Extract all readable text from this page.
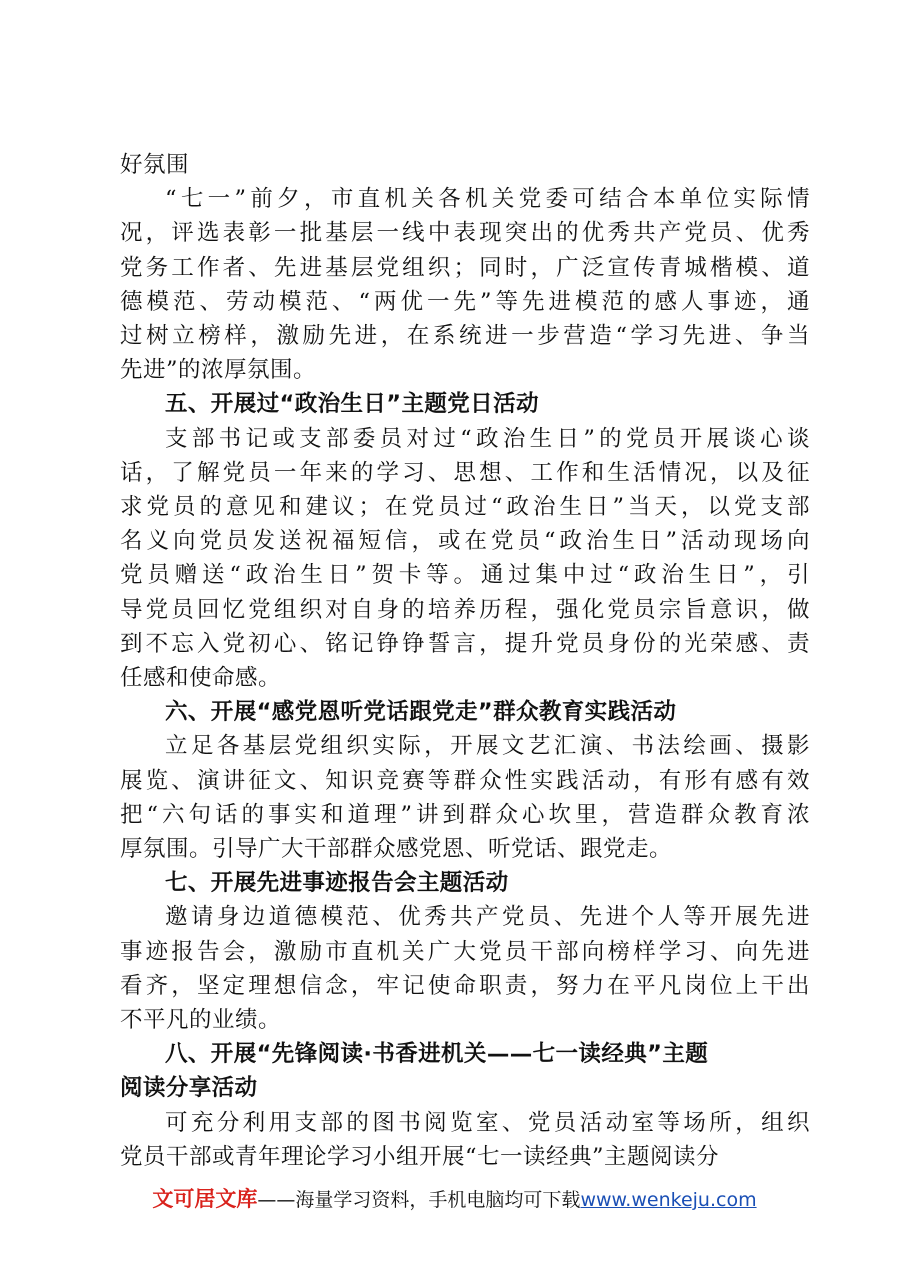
好氛围

“七一”前夕，市直机关各机关党委可结合本单位实际情

况，评选表彰一批基层一线中表现突出的优秀共产党员、优秀

党务工作者、先进基层党组织；同时，广泛宣传青城楷模、道

德模范、劳动模范、“两优一先”等先进模范的感人事迹，通

过树立榜样，激励先进，在系统进一步营造“学习先进、争当

先进”的浓厚氛围。

五、开展过“政治生日”主题党日活动

支部书记或支部委员对过“政治生日”的党员开展谈心谈

话，了解党员一年来的学习、思想、工作和生活情况，以及征

求党员的意见和建议；在党员过“政治生日”当天，以党支部

名义向党员发送祝福短信，或在党员“政治生日”活动现场向

党员赠送“政治生日”贺卡等。通过集中过“政治生日”，引

导党员回忆党组织对自身的培养历程，强化党员宗旨意识，做

到不忘入党初心、铭记铮铮誓言，提升党员身份的光荣感、责

任感和使命感。

六、开展“感党恩听党话跟党走”群众教育实践活动

立足各基层党组织实际，开展文艺汇演、书法绘画、摄影

展览、演讲征文、知识竞赛等群众性实践活动，有形有感有效

把“六句话的事实和道理”讲到群众心坎里，营造群众教育浓

厚氛围。引导广大干部群众感党恩、听党话、跟党走。

七、开展先进事迹报告会主题活动

邀请身边道德模范、优秀共产党员、先进个人等开展先进

事迹报告会，激励市直机关广大党员干部向榜样学习、向先进

看齐，坚定理想信念，牢记使命职责，努力在平凡岗位上干出

不平凡的业绩。

八、开展“先锋阅读·书香进机关——七一读经典”主题

阅读分享活动

可充分利用支部的图书阅览室、党员活动室等场所，组织

党员干部或青年理论学习小组开展“七一读经典”主题阅读分

文可居文库——海量学习资料，手机电脑均可下载www.wenkeju.com
